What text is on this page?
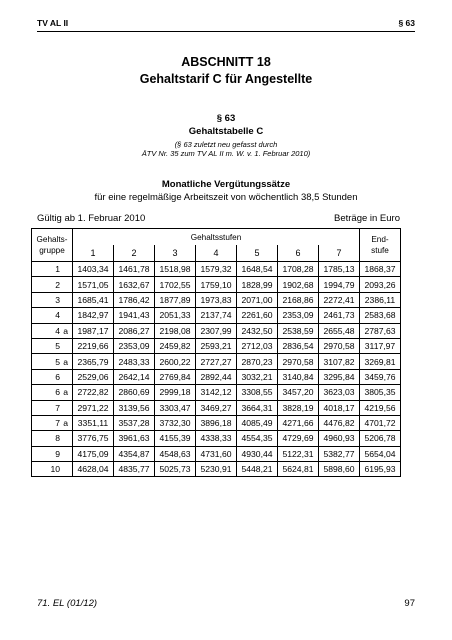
TV AL II	§ 63
ABSCHNITT 18
Gehaltstarif C für Angestellte
§ 63
Gehaltstabelle C
(§ 63 zuletzt neu gefasst durch
ÄTV Nr. 35 zum TV AL II m. W. v. 1. Februar 2010)
Monatliche Vergütungssätze
für eine regelmäßige Arbeitszeit von wöchentlich 38,5 Stunden
Gültig ab 1. Februar 2010	Beträge in Euro
Gehalts-
gruppe	Gehaltsstufen							End-
stufe
	1	2	3	4	5	6	7	
1	1403,34	1461,78	1518,98	1579,32	1648,54	1708,28	1785,13	1868,37
2	1571,05	1632,67	1702,55	1759,10	1828,99	1902,68	1994,79	2093,26
3	1685,41	1786,42	1877,89	1973,83	2071,00	2168,86	2272,41	2386,11
4	1842,97	1941,43	2051,33	2137,74	2261,60	2353,09	2461,73	2583,68
4 a	1987,17	2086,27	2198,08	2307,99	2432,50	2538,59	2655,48	2787,63
5	2219,66	2353,09	2459,82	2593,21	2712,03	2836,54	2970,58	3117,97
5 a	2365,79	2483,33	2600,22	2727,27	2870,23	2970,58	3107,82	3269,81
6	2529,06	2642,14	2769,84	2892,44	3032,21	3140,84	3295,84	3459,76
6 a	2722,82	2860,69	2999,18	3142,12	3308,55	3457,20	3623,03	3805,35
7	2971,22	3139,56	3303,47	3469,27	3664,31	3828,19	4018,17	4219,56
7 a	3351,11	3537,28	3732,30	3896,18	4085,49	4271,66	4476,82	4701,72
8	3776,75	3961,63	4155,39	4338,33	4554,35	4729,69	4960,93	5206,78
9	4175,09	4354,87	4548,63	4731,60	4930,44	5122,31	5382,77	5654,04
10	4628,04	4835,77	5025,73	5230,91	5448,21	5624,81	5898,60	6195,93
71. EL (01/12)	97
